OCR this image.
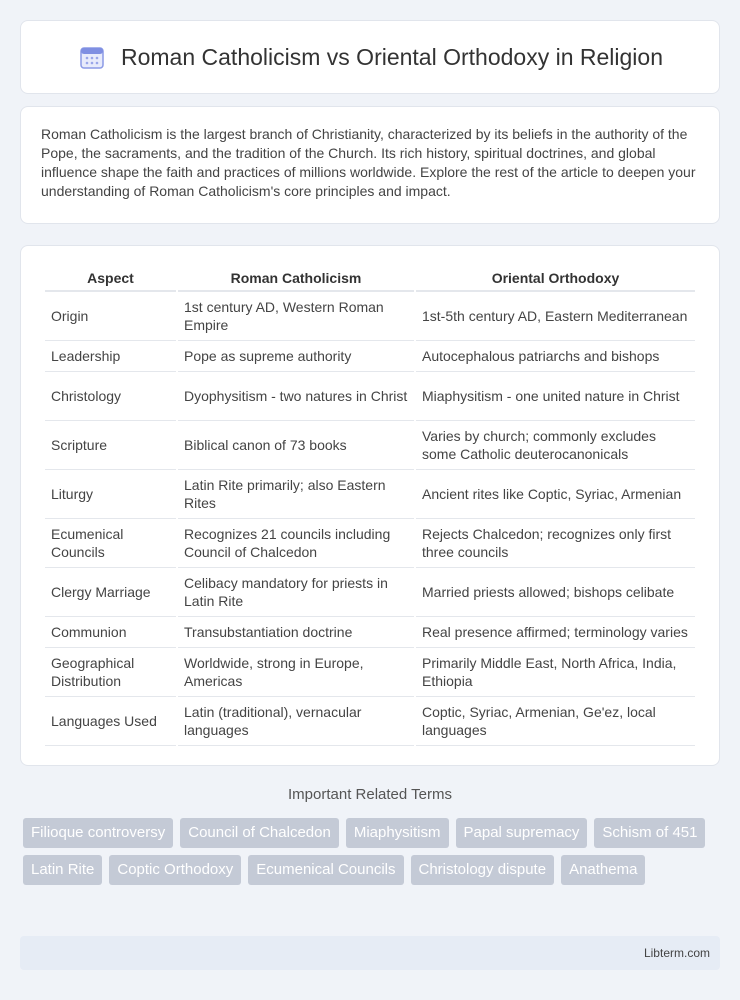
Roman Catholicism vs Oriental Orthodoxy in Religion

Roman Catholicism is the largest branch of Christianity, characterized by its beliefs in the authority of the Pope, the sacraments, and the tradition of the Church. Its rich history, spiritual doctrines, and global influence shape the faith and practices of millions worldwide. Explore the rest of the article to deepen your understanding of Roman Catholicism's core principles and impact.

Aspect	Roman Catholicism	Oriental Orthodoxy
Origin	1st century AD, Western Roman Empire	1st-5th century AD, Eastern Mediterranean
Leadership	Pope as supreme authority	Autocephalous patriarchs and bishops
Christology	Dyophysitism - two natures in Christ	Miaphysitism - one united nature in Christ
Scripture	Biblical canon of 73 books	Varies by church; commonly excludes some Catholic deuterocanonicals
Liturgy	Latin Rite primarily; also Eastern Rites	Ancient rites like Coptic, Syriac, Armenian
Ecumenical Councils	Recognizes 21 councils including Council of Chalcedon	Rejects Chalcedon; recognizes only first three councils
Clergy Marriage	Celibacy mandatory for priests in Latin Rite	Married priests allowed; bishops celibate
Communion	Transubstantiation doctrine	Real presence affirmed; terminology varies
Geographical Distribution	Worldwide, strong in Europe, Americas	Primarily Middle East, North Africa, India, Ethiopia
Languages Used	Latin (traditional), vernacular languages	Coptic, Syriac, Armenian, Ge'ez, local languages
Important Related Terms
Filioque controversy	Council of Chalcedon	Miaphysitism	Papal supremacy	Schism of 451
Latin Rite	Coptic Orthodoxy	Ecumenical Councils	Christology dispute	Anathema
Libterm.com
